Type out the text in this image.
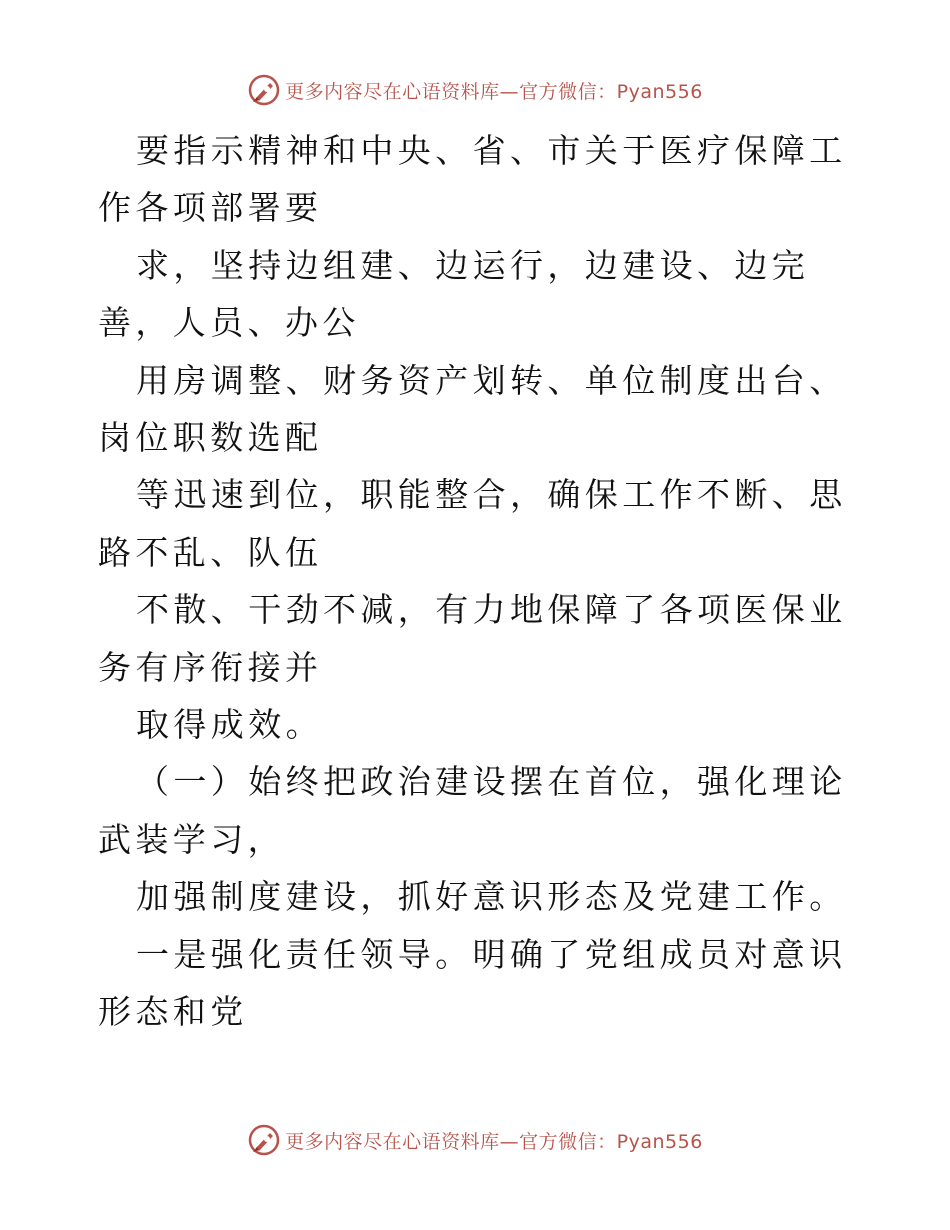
更多内容尽在心语资料库—官方微信：Pyan556

要指示精神和中央、省、市关于医疗保障工作各项部署要

求，坚持边组建、边运行，边建设、边完善，人员、办公

用房调整、财务资产划转、单位制度出台、岗位职数选配

等迅速到位，职能整合，确保工作不断、思路不乱、队伍

不散、干劲不减，有力地保障了各项医保业务有序衔接并

取得成效。

（一）始终把政治建设摆在首位，强化理论武装学习，

加强制度建设，抓好意识形态及党建工作。

一是强化责任领导。明确了党组成员对意识形态和党

更多内容尽在心语资料库—官方微信：Pyan556
